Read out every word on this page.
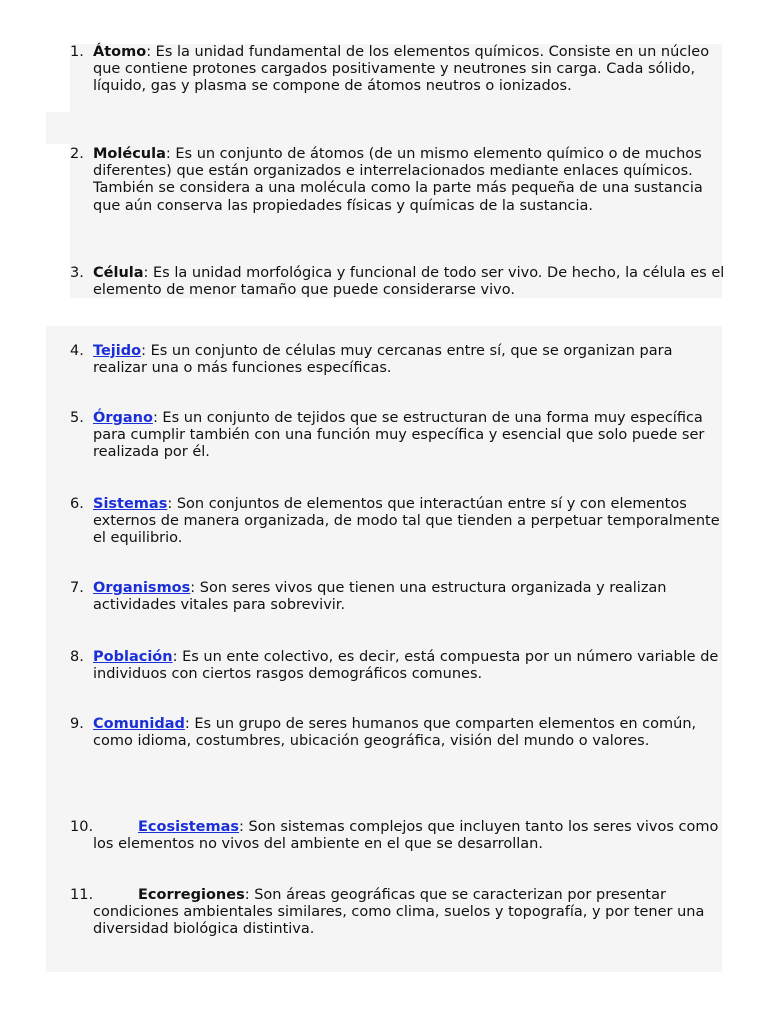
1. Átomo: Es la unidad fundamental de los elementos químicos. Consiste en un núcleo que contiene protones cargados positivamente y neutrones sin carga. Cada sólido, líquido, gas y plasma se compone de átomos neutros o ionizados.
2. Molécula: Es un conjunto de átomos (de un mismo elemento químico o de muchos diferentes) que están organizados e interrelacionados mediante enlaces químicos. También se considera a una molécula como la parte más pequeña de una sustancia que aún conserva las propiedades físicas y químicas de la sustancia.
3. Célula: Es la unidad morfológica y funcional de todo ser vivo. De hecho, la célula es el elemento de menor tamaño que puede considerarse vivo.
4. Tejido: Es un conjunto de células muy cercanas entre sí, que se organizan para realizar una o más funciones específicas.
5. Órgano: Es un conjunto de tejidos que se estructuran de una forma muy específica para cumplir también con una función muy específica y esencial que solo puede ser realizada por él.
6. Sistemas: Son conjuntos de elementos que interactúan entre sí y con elementos externos de manera organizada, de modo tal que tienden a perpetuar temporalmente el equilibrio.
7. Organismos: Son seres vivos que tienen una estructura organizada y realizan actividades vitales para sobrevivir.
8. Población: Es un ente colectivo, es decir, está compuesta por un número variable de individuos con ciertos rasgos demográficos comunes.
9. Comunidad: Es un grupo de seres humanos que comparten elementos en común, como idioma, costumbres, ubicación geográfica, visión del mundo o valores.
10.	Ecosistemas: Son sistemas complejos que incluyen tanto los seres vivos como los elementos no vivos del ambiente en el que se desarrollan.
11.	Ecorregiones: Son áreas geográficas que se caracterizan por presentar condiciones ambientales similares, como clima, suelos y topografía, y por tener una diversidad biológica distintiva.
